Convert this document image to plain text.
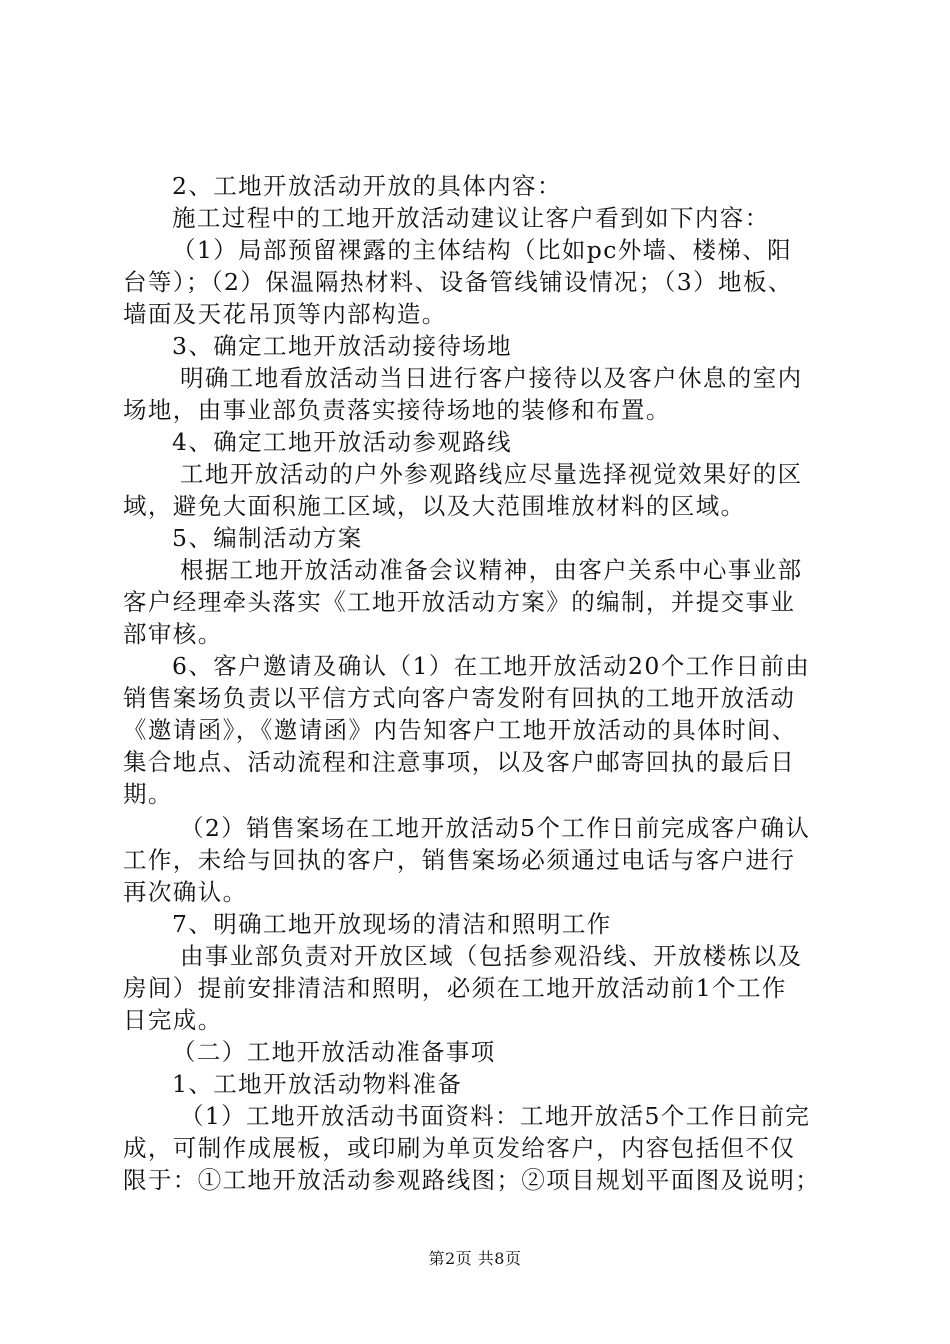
2、工地开放活动开放的具体内容：
施工过程中的工地开放活动建议让客户看到如下内容：
（1）局部预留裸露的主体结构（比如pc外墙、楼梯、阳
台等）；（2）保温隔热材料、设备管线铺设情况；（3）地板、
墙面及天花吊顶等内部构造。
3、确定工地开放活动接待场地
明确工地看放活动当日进行客户接待以及客户休息的室内
场地，由事业部负责落实接待场地的装修和布置。
4、确定工地开放活动参观路线
工地开放活动的户外参观路线应尽量选择视觉效果好的区
域，避免大面积施工区域，以及大范围堆放材料的区域。
5、编制活动方案
根据工地开放活动准备会议精神，由客户关系中心事业部
客户经理牵头落实《工地开放活动方案》的编制，并提交事业
部审核。
6、客户邀请及确认（1）在工地开放活动20个工作日前由
销售案场负责以平信方式向客户寄发附有回执的工地开放活动
《邀请函》，《邀请函》内告知客户工地开放活动的具体时间、
集合地点、活动流程和注意事项，以及客户邮寄回执的最后日
期。
（2）销售案场在工地开放活动5个工作日前完成客户确认
工作，未给与回执的客户，销售案场必须通过电话与客户进行
再次确认。
7、明确工地开放现场的清洁和照明工作
由事业部负责对开放区域（包括参观沿线、开放楼栋以及
房间）提前安排清洁和照明，必须在工地开放活动前1个工作
日完成。
（二）工地开放活动准备事项
1、工地开放活动物料准备
（1）工地开放活动书面资料：工地开放活5个工作日前完
成，可制作成展板，或印刷为单页发给客户，内容包括但不仅
限于：①工地开放活动参观路线图；②项目规划平面图及说明；
第2页 共8页
